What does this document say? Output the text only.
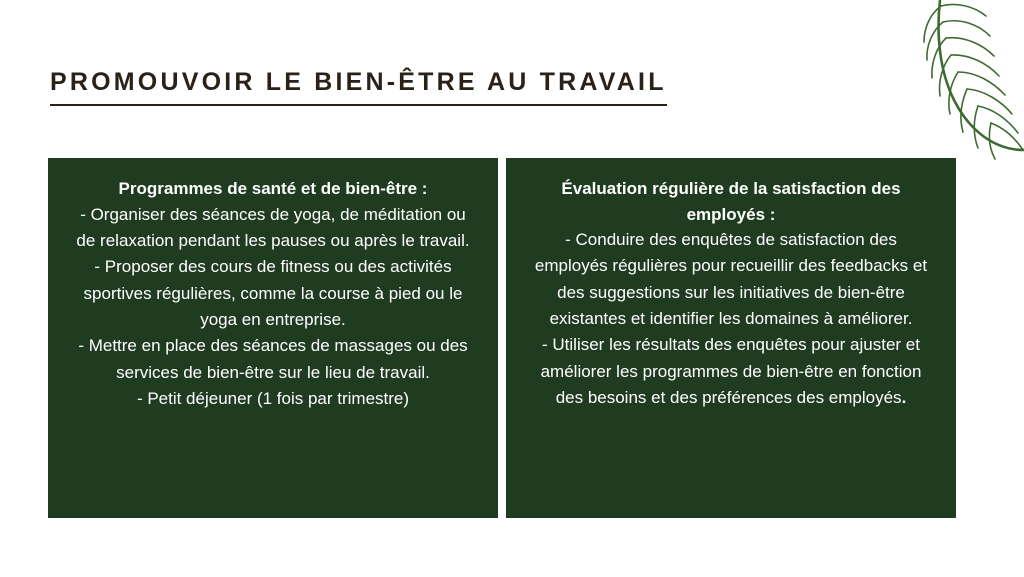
PROMOUVOIR LE BIEN-ÊTRE AU TRAVAIL

Programmes de santé et de bien-être :

- Organiser des séances de yoga, de méditation ou de relaxation pendant les pauses ou après le travail.

- Proposer des cours de fitness ou des activités sportives régulières, comme la course à pied ou le yoga en entreprise.

- Mettre en place des séances de massages ou des services de bien-être sur le lieu de travail.

- Petit déjeuner (1 fois par trimestre)

Évaluation régulière de la satisfaction des employés :

- Conduire des enquêtes de satisfaction des employés régulières pour recueillir des feedbacks et des suggestions sur les initiatives de bien-être existantes et identifier les domaines à améliorer.

- Utiliser les résultats des enquêtes pour ajuster et améliorer les programmes de bien-être en fonction des besoins et des préférences des employés.
